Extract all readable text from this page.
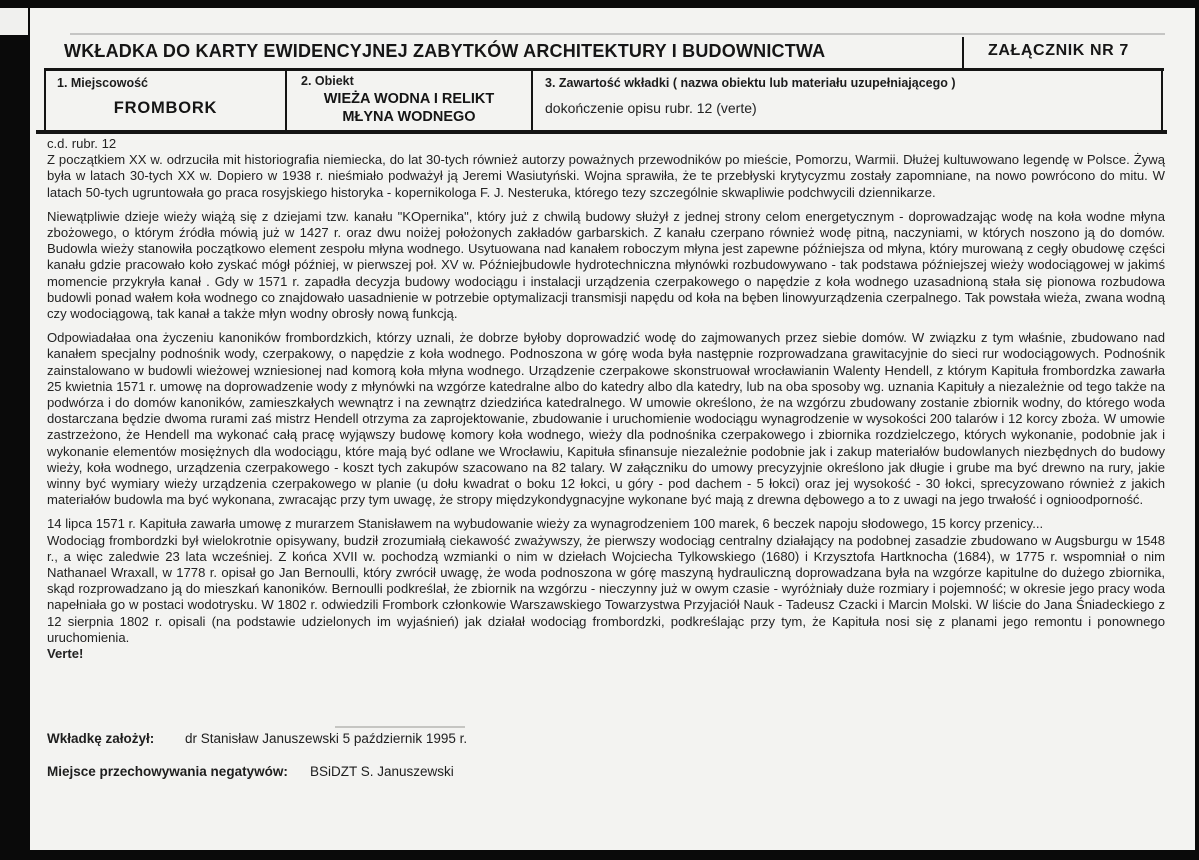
WKŁADKA DO KARTY EWIDENCYJNEJ ZABYTKÓW ARCHITEKTURY I BUDOWNICTWA	ZAŁĄCZNIK NR 7
1. Miejscowość
FROMBORK
2. Obiekt
WIEŻA WODNA I RELIKT
MŁYNA WODNEGO
3. Zawartość wkładki ( nazwa obiektu lub materiału uzupełniającego )
dokończenie opisu rubr. 12 (verte)
c.d. rubr. 12

Z początkiem XX w. odrzuciła mit historiografia niemiecka, do lat 30-tych również autorzy poważnych przewodników po mieście, Pomorzu, Warmii. Dłużej kultuwowano legendę w Polsce. Żywą była w latach 30-tych XX w. Dopiero w 1938 r. nieśmiało podważył ją Jeremi Wasiutyński. Wojna sprawiła, że te przebłyski krytycyzmu zostały zapomniane, na nowo powrócono do mitu. W latach 50-tych ugruntowała go praca rosyjskiego historyka - kopernikologa F. J. Nesteruka, którego tezy szczególnie skwapliwie podchwycili dziennikarze.

Niewątpliwie dzieje wieży wiążą się z dziejami tzw. kanału "KOpernika", który już z chwilą budowy służył z jednej strony celom energetycznym - doprowadzając wodę na koła wodne młyna zbożowego, o którym źródła mówią już w 1427 r. oraz dwu noiżej położonych zakładów garbarskich. Z kanału czerpano również wodę pitną, naczyniami, w których noszono ją do domów. Budowla wieży stanowiła początkowo element zespołu młyna wodnego. Usytuowana nad kanałem roboczym młyna jest zapewne późniejsza od młyna, który murowaną z cegły obudowę części kanału gdzie pracowało koło zyskać mógł później, w pierwszej poł. XV w. Późniejbudowle hydrotechniczna młynówki rozbudowywano - tak podstawa późniejszej wieży wodociągowej w jakimś momencie przykryła kanał . Gdy w 1571 r. zapadła decyzja budowy wodociągu i instalacji urządzenia czerpakowego o napędzie z koła wodnego uzasadnioną stała się pionowa rozbudowa budowli ponad wałem koła wodnego co znajdowało uasadnienie w potrzebie optymalizacji transmisji napędu od koła na bęben linowyurządzenia czerpalnego. Tak powstała wieża, zwana wodną czy wodociągową, tak kanał a także młyn wodny obrosły nową funkcją.

Odpowiadałaa ona życzeniu kanoników frombordzkich, którzy uznali, że dobrze byłoby doprowadzić wodę do zajmowanych przez siebie domów. W związku z tym właśnie, zbudowano nad kanałem specjalny podnośnik wody, czerpakowy, o napędzie z koła wodnego. Podnoszona w górę woda była następnie rozprowadzana grawitacyjnie do sieci rur wodociągowych. Podnośnik zainstalowano w budowli wieżowej wzniesionej nad komorą koła młyna wodnego. Urządzenie czerpakowe skonstruował wrocławianin Walenty Hendell, z którym Kapituła frombordzka zawarła 25 kwietnia 1571 r. umowę na doprowadzenie wody z młynówki na wzgórze katedralne albo do katedry albo dla katedry, lub na oba sposoby wg. uznania Kapituły a niezależnie od tego także na podwórza i do domów kanoników, zamieszkałych wewnątrz i na zewnątrz dziedzińca katedralnego. W umowie określono, że na wzgórzu zbudowany zostanie zbiornik wodny, do którego woda dostarczana będzie dwoma rurami zaś mistrz Hendell otrzyma za zaprojektowanie, zbudowanie i uruchomienie wodociągu wynagrodzenie w wysokości 200 talarów i 12 korcy zboża. W umowie zastrzeżono, że Hendell ma wykonać całą pracę wyjąwszy budowę komory koła wodnego, wieży dla podnośnika czerpakowego i zbiornika rozdzielczego, których wykonanie, podobnie jak i wykonanie elementów mosiężnych dla wodociągu, które mają być odlane we Wrocławiu, Kapituła sfinansuje niezależnie podobnie jak i zakup materiałów budowlanych niezbędnych do budowy wieży, koła wodnego, urządzenia czerpakowego - koszt tych zakupów szacowano na 82 talary. W załączniku do umowy precyzyjnie określono jak długie i grube ma być drewno na rury, jakie winny być wymiary wieży urządzenia czerpakowego w planie (u dołu kwadrat o boku 12 łokci, u góry - pod dachem - 5 łokci) oraz jej wysokość - 30 łokci, sprecyzowano również z jakich materiałów budowla ma być wykonana, zwracając przy tym uwagę, że stropy międzykondygnacyjne wykonane być mają z drewna dębowego a to z uwagi na jego trwałość i ognioodporność.

14 lipca 1571 r. Kapituła zawarła umowę z murarzem Stanisławem na wybudowanie wieży za wynagrodzeniem 100 marek, 6 beczek napoju słodowego, 15 korcy przenicy...

Wodociąg frombordzki był wielokrotnie opisywany, budził zrozumiałą ciekawość zważywszy, że pierwszy wodociąg centralny działający na podobnej zasadzie zbudowano w Augsburgu w 1548 r., a więc zaledwie 23 lata wcześniej. Z końca XVII w. pochodzą wzmianki o nim w dziełach Wojciecha Tylkowskiego (1680) i Krzysztofa Hartknocha (1684), w 1775 r. wspomniał o nim Nathanael Wraxall, w 1778 r. opisał go Jan Bernoulli, który zwrócił uwagę, że woda podnoszona w górę maszyną hydrauliczną doprowadzana była na wzgórze kapitulne do dużego zbiornika, skąd rozprowadzano ją do mieszkań kanoników. Bernoulli podkreślał, że zbiornik na wzgórzu - nieczynny już w owym czasie - wyróżniały duże rozmiary i pojemność; w okresie jego pracy woda napełniała go w postaci wodotrysku. W 1802 r. odwiedzili Frombork członkowie Warszawskiego Towarzystwa Przyjaciół Nauk - Tadeusz Czacki i Marcin Molski. W liście do Jana Śniadeckiego z 12 sierpnia 1802 r. opisali (na podstawie udzielonych im wyjaśnień) jak działał wodociąg frombordzki, podkreślając przy tym, że Kapituła nosi się z planami jego remontu i ponownego uruchomienia.

Verte!

Wkładkę założył: dr Stanisław Januszewski 5 październik 1995 r.
Miejsce przechowywania negatywów: BSiDZT S. Januszewski
